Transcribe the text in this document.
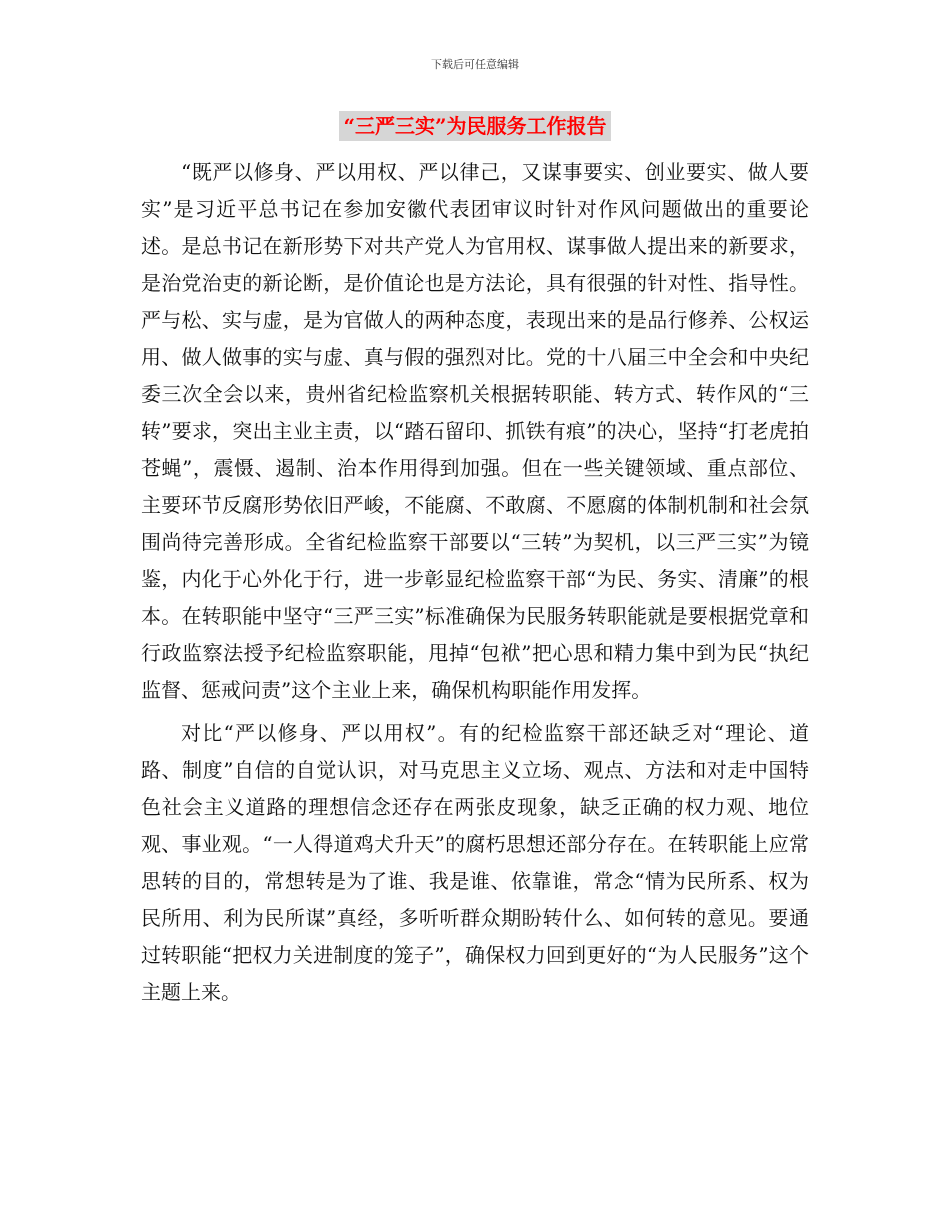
下载后可任意编辑
“三严三实”为民服务工作报告

“既严以修身、严以用权、严以律己，又谋事要实、创业要实、做人要实”是习近平总书记在参加安徽代表团审议时针对作风问题做出的重要论述。是总书记在新形势下对共产党人为官用权、谋事做人提出来的新要求，是治党治吏的新论断，是价值论也是方法论，具有很强的针对性、指导性。严与松、实与虚，是为官做人的两种态度，表现出来的是品行修养、公权运用、做人做事的实与虚、真与假的强烈对比。党的十八届三中全会和中央纪委三次全会以来，贵州省纪检监察机关根据转职能、转方式、转作风的“三转”要求，突出主业主责，以“踏石留印、抓铁有痕”的决心，坚持“打老虎拍苍蝇”，震慑、遏制、治本作用得到加强。但在一些关键领域、重点部位、主要环节反腐形势依旧严峻，不能腐、不敢腐、不愿腐的体制机制和社会氛围尚待完善形成。全省纪检监察干部要以“三转”为契机，以三严三实”为镜鉴，内化于心外化于行，进一步彰显纪检监察干部“为民、务实、清廉”的根本。在转职能中坚守“三严三实”标准确保为民服务转职能就是要根据党章和行政监察法授予纪检监察职能，甩掉“包袱”把心思和精力集中到为民“执纪监督、惩戒问责”这个主业上来，确保机构职能作用发挥。

对比“严以修身、严以用权”。有的纪检监察干部还缺乏对“理论、道路、制度”自信的自觉认识，对马克思主义立场、观点、方法和对走中国特色社会主义道路的理想信念还存在两张皮现象，缺乏正确的权力观、地位观、事业观。“一人得道鸡犬升天”的腐朽思想还部分存在。在转职能上应常思转的目的，常想转是为了谁、我是谁、依靠谁，常念“情为民所系、权为民所用、利为民所谋”真经，多听听群众期盼转什么、如何转的意见。要通过转职能“把权力关进制度的笼子”，确保权力回到更好的“为人民服务”这个主题上来。
